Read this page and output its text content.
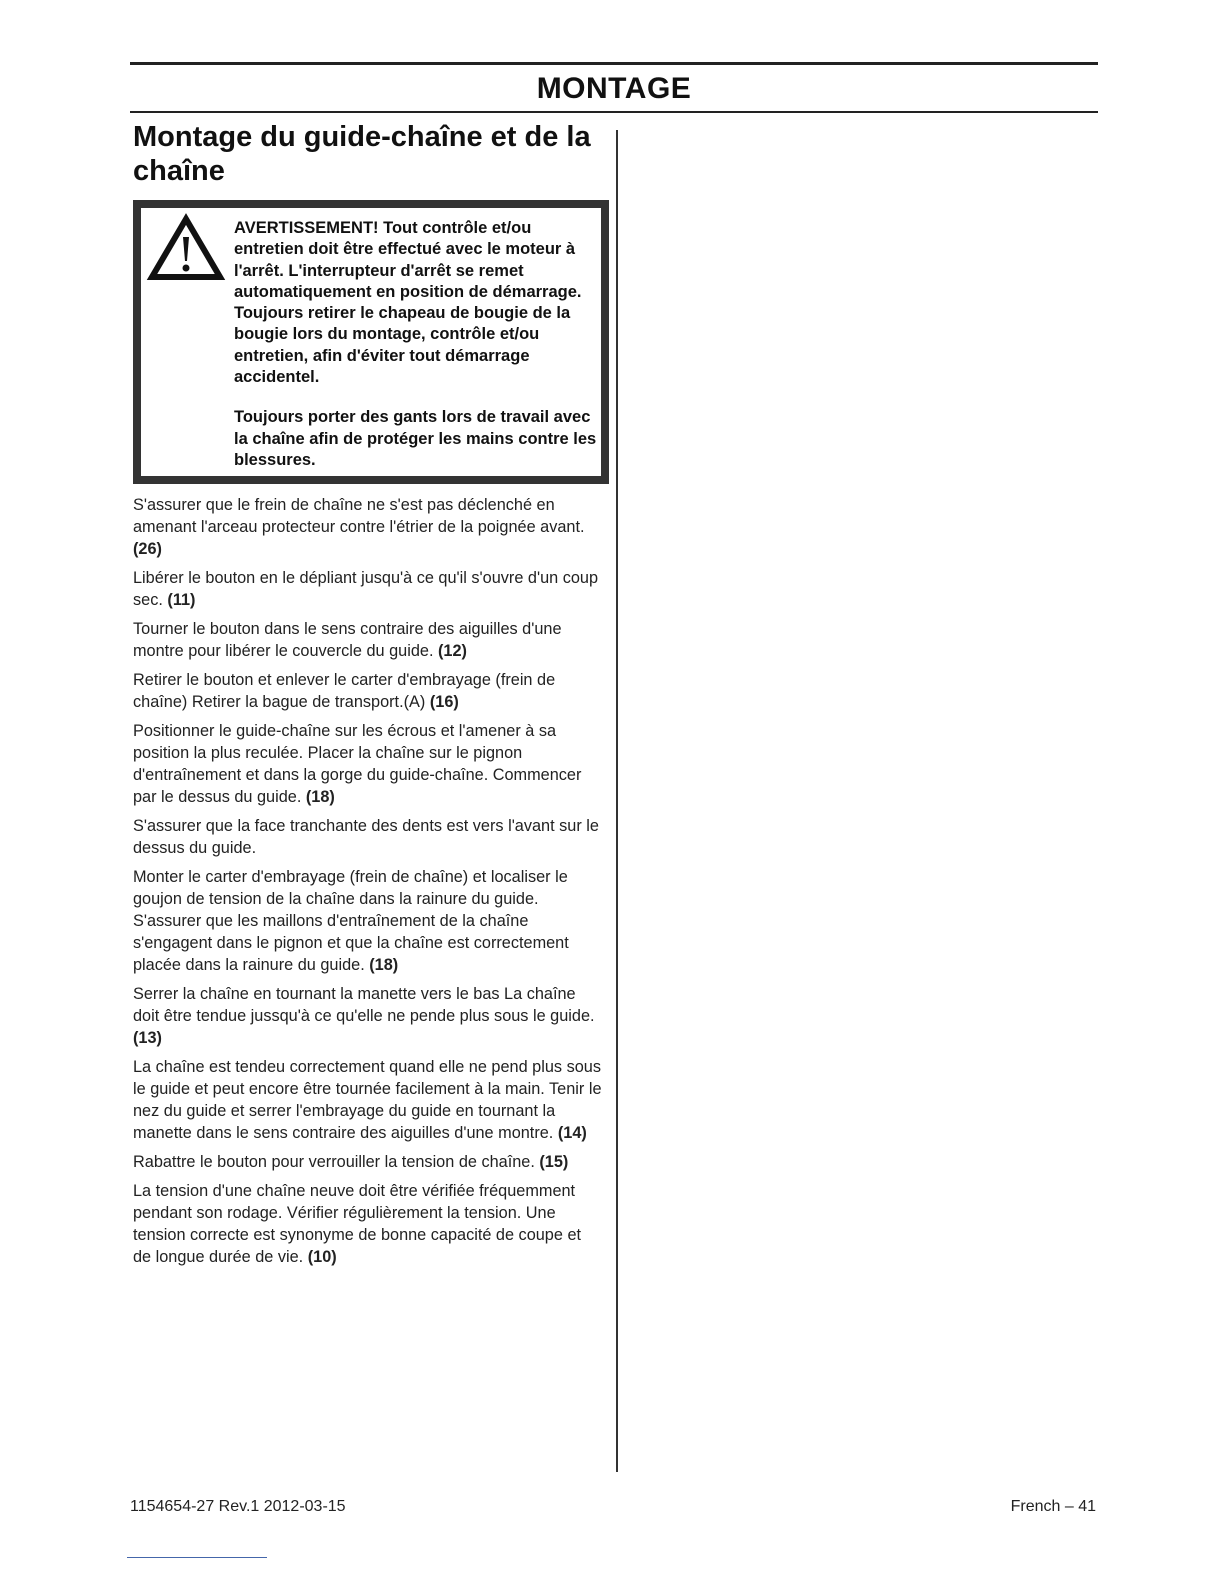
MONTAGE
Montage du guide-chaîne et de la chaîne

AVERTISSEMENT! Tout contrôle et/ou entretien doit être effectué avec le moteur à l'arrêt. L'interrupteur d'arrêt se remet automatiquement en position de démarrage. Toujours retirer le chapeau de bougie de la bougie lors du montage, contrôle et/ou entretien, afin d'éviter tout démarrage accidentel.

Toujours porter des gants lors de travail avec la chaîne afin de protéger les mains contre les blessures.

S'assurer que le frein de chaîne ne s'est pas déclenché en amenant l'arceau protecteur contre l'étrier de la poignée avant. (26)

Libérer le bouton en le dépliant jusqu'à ce qu'il s'ouvre d'un coup sec. (11)

Tourner le bouton dans le sens contraire des aiguilles d'une montre pour libérer le couvercle du guide. (12)

Retirer le bouton et enlever le carter d'embrayage (frein de chaîne) Retirer la bague de transport.(A) (16)

Positionner le guide-chaîne sur les écrous et l'amener à sa position la plus reculée. Placer la chaîne sur le pignon d'entraînement et dans la gorge du guide-chaîne. Commencer par le dessus du guide. (18)

S'assurer que la face tranchante des dents est vers l'avant sur le dessus du guide.

Monter le carter d'embrayage (frein de chaîne) et localiser le goujon de tension de la chaîne dans la rainure du guide. S'assurer que les maillons d'entraînement de la chaîne s'engagent dans le pignon et que la chaîne est correctement placée dans la rainure du guide. (18)

Serrer la chaîne en tournant la manette vers le bas La chaîne doit être tendue jussqu'à ce qu'elle ne pende plus sous le guide. (13)

La chaîne est tendeu correctement quand elle ne pend plus sous le guide et peut encore être tournée facilement à la main. Tenir le nez du guide et serrer l'embrayage du guide en tournant la manette dans le sens contraire des aiguilles d'une montre. (14)

Rabattre le bouton pour verrouiller la tension de chaîne. (15)

La tension d'une chaîne neuve doit être vérifiée fréquemment pendant son rodage. Vérifier régulièrement la tension. Une tension correcte est synonyme de bonne capacité de coupe et de longue durée de vie. (10)

1154654-27 Rev.1 2012-03-15	French – 41
